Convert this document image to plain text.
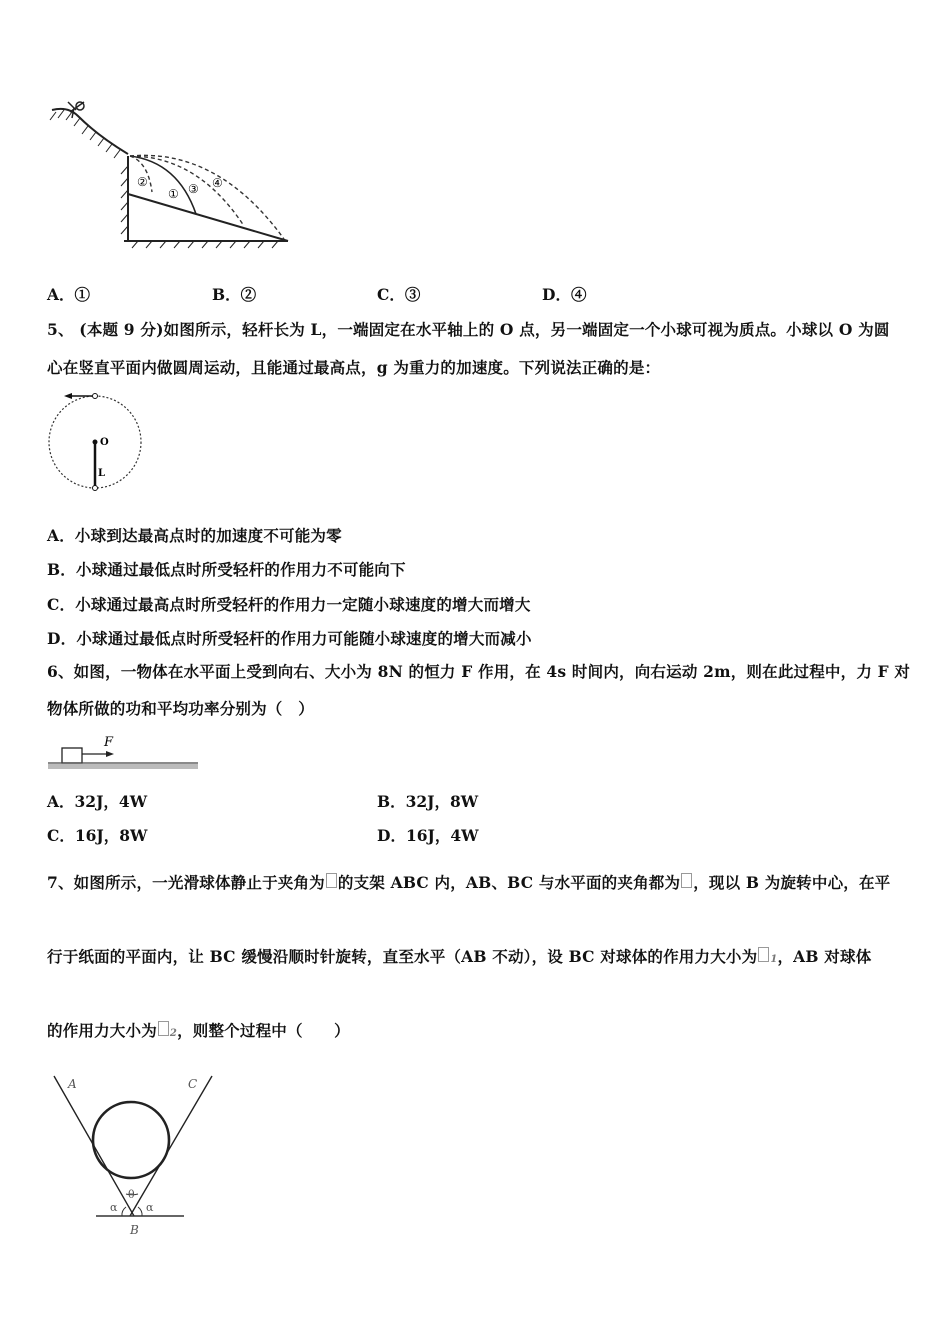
②
① ③ ④
A．①	B．②	C．③	D．④
5、 (本题 9 分)如图所示，轻杆长为 L，一端固定在水平轴上的 O 点，另一端固定一个小球可视为质点。小球以 O 为圆
心在竖直平面内做圆周运动，且能通过最高点，g 为重力的加速度。下列说法正确的是：
O
L
A．小球到达最高点时的加速度不可能为零
B．小球通过最低点时所受轻杆的作用力不可能向下
C．小球通过最高点时所受轻杆的作用力一定随小球速度的增大而增大
D．小球通过最低点时所受轻杆的作用力可能随小球速度的增大而减小
6、如图，一物体在水平面上受到向右、大小为 8N 的恒力 F 作用，在 4s 时间内，向右运动 2m，则在此过程中，力 F 对
物体所做的功和平均功率分别为（　）
F
A．32J，4W	B．32J，8W
C．16J，8W	D．16J，4W
7、如图所示，一光滑球体静止于夹角为 的支架 ABC 内，AB、BC 与水平面的夹角都为 ，现以 B 为旋转中心，在平
行于纸面的平面内，让 BC 缓慢沿顺时针旋转，直至水平（AB 不动），设 BC 对球体的作用力大小为 1，AB 对球体
的作用力大小为 2，则整个过程中（　　）
A	C
θ
α	α
B
